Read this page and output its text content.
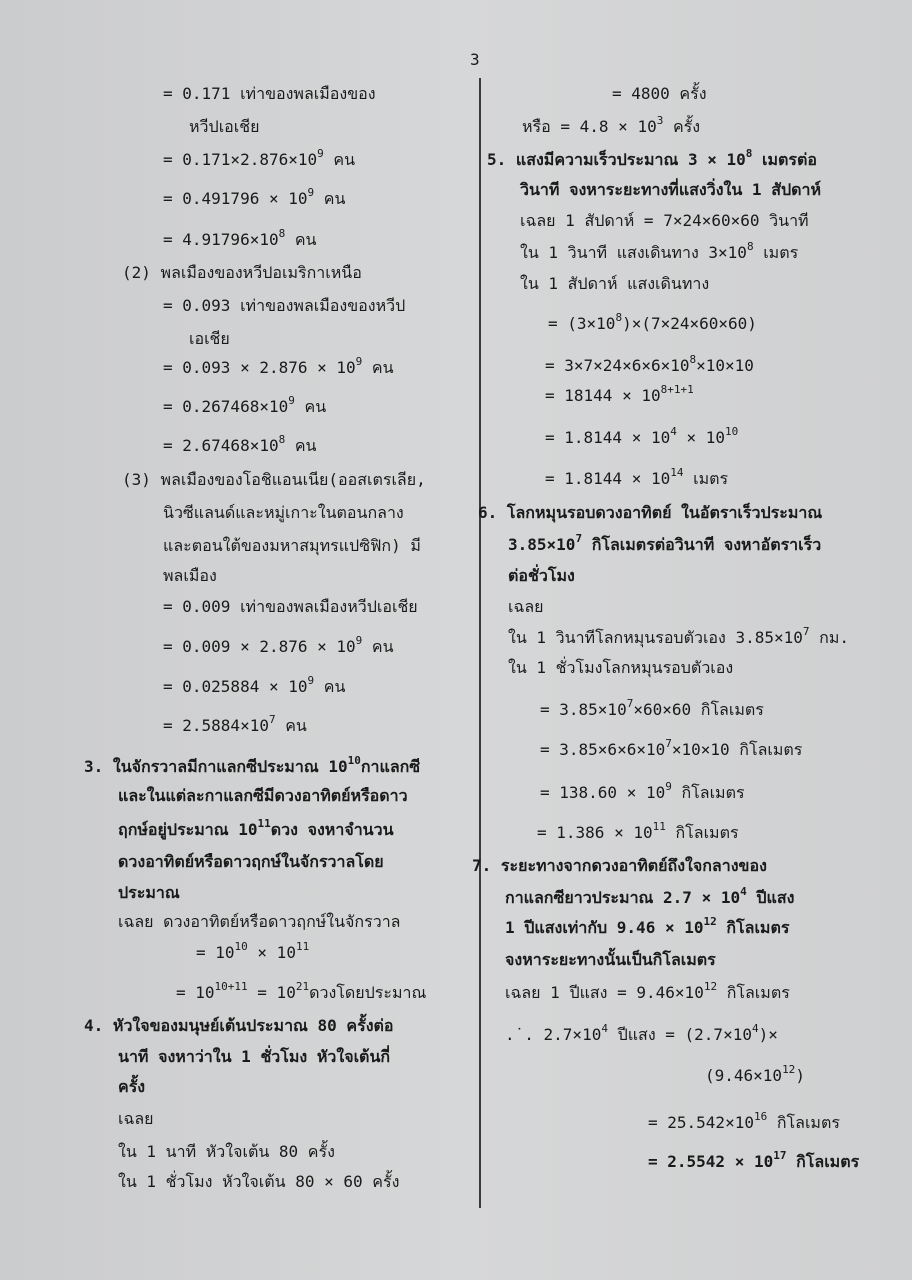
3
= 0.171 เท่าของพลเมืองของ
หวีปเอเชีย
= $0.171\times 2.876\times 10^9$ คน
= $0.491796 \times 10^9$ คน
= $4.91796\times 10^8$ คน
(2) พลเมืองของหวีปอเมริกาเหนือ
= 0.093 เท่าของพลเมืองของหวีป
เอเชีย
= $0.093 \times 2.876 \times 10^9$ คน
= $0.267468\times 10^9$ คน
= $2.67468\times 10^8$ คน
(3) พลเมืองของโอชิแอนเนีย(ออสเตรเลีย,
นิวซีแลนด์และหมู่เกาะในตอนกลาง
และตอนใต้ของมหาสมุทรแปซิฟิก) มี
พลเมือง
= 0.009 เท่าของพลเมืองหวีปเอเชีย
= $0.009 \times 2.876 \times 10^9$ คน
= $0.025884 \times 10^9$ คน
= $2.5884\times 10^7$ คน
3. ในจักรวาลมีกาแลกซีประมาณ $10^{10}$กาแลกซี
และในแต่ละกาแลกซีมีดวงอาทิตย์หรือดาว
ฤกษ์อยู่ประมาณ $10^{11}$ดวง จงหาจำนวน
ดวงอาทิตย์หรือดาวฤกษ์ในจักรวาลโดย
ประมาณ
เฉลย ดวงอาทิตย์หรือดาวฤกษ์ในจักรวาล
= $10^{10} \times 10^{11}$
= $10^{10+11} = 10^{21}$ดวงโดยประมาณ
4. หัวใจของมนุษย์เต้นประมาณ 80 ครั้งต่อ
นาที จงหาว่าใน 1 ชั่วโมง หัวใจเต้นกี่
ครั้ง
เฉลย
ใน 1 นาที หัวใจเต้น 80 ครั้ง
ใน 1 ชั่วโมง หัวใจเต้น 80 × 60 ครั้ง
= 4800 ครั้ง
หรือ = $4.8 \times 10^3$ ครั้ง
5. แสงมีความเร็วประมาณ $3 \times 10^8$ เมตรต่อ
วินาที จงหาระยะทางที่แสงวิ่งใน 1 สัปดาห์
เฉลย 1 สัปดาห์ = 7×24×60×60 วินาที
ใน 1 วินาที แสงเดินทาง $3\times 10^8$ เมตร
ใน 1 สัปดาห์ แสงเดินทาง
= $(3\times 10^8)\times(7\times 24\times 60\times 60)$
= $3\times 7\times 24\times 6\times 6\times 10^8\times 10\times 10$
= $18144 \times 10^{8+1+1}$
= $1.8144 \times 10^4 \times 10^{10}$
= $1.8144 \times 10^{14}$ เมตร
6. โลกหมุนรอบดวงอาทิตย์ ในอัตราเร็วประมาณ
$3.85\times 10^7$ กิโลเมตรต่อวินาที จงหาอัตราเร็ว
ต่อชั่วโมง
เฉลย
ใน 1 วินาทีโลกหมุนรอบตัวเอง $3.85\times 10^7$ กม.
ใน 1 ชั่วโมงโลกหมุนรอบตัวเอง
= $3.85\times 10^7\times 60\times 60$ กิโลเมตร
= $3.85\times 6\times 6\times 10^7\times 10\times 10$ กิโลเมตร
= $138.60 \times 10^9$ กิโลเมตร
= $1.386 \times 10^{11}$ กิโลเมตร
7. ระยะทางจากดวงอาทิตย์ถึงใจกลางของ
กาแลกซียาวประมาณ $2.7 \times 10^4$ ปีแสง
1 ปีแสงเท่ากับ $9.46 \times 10^{12}$ กิโลเมตร
จงหาระยะทางนั้นเป็นกิโลเมตร
เฉลย 1 ปีแสง = $9.46\times 10^{12}$ กิโลเมตร
.˙. $2.7\times 10^4$ ปีแสง = $(2.7\times 10^4)\times$
$(9.46\times 10^{12})$
= $25.542\times 10^{16}$ กิโลเมตร
= $2.5542 \times 10^{17}$ กิโลเมตร
